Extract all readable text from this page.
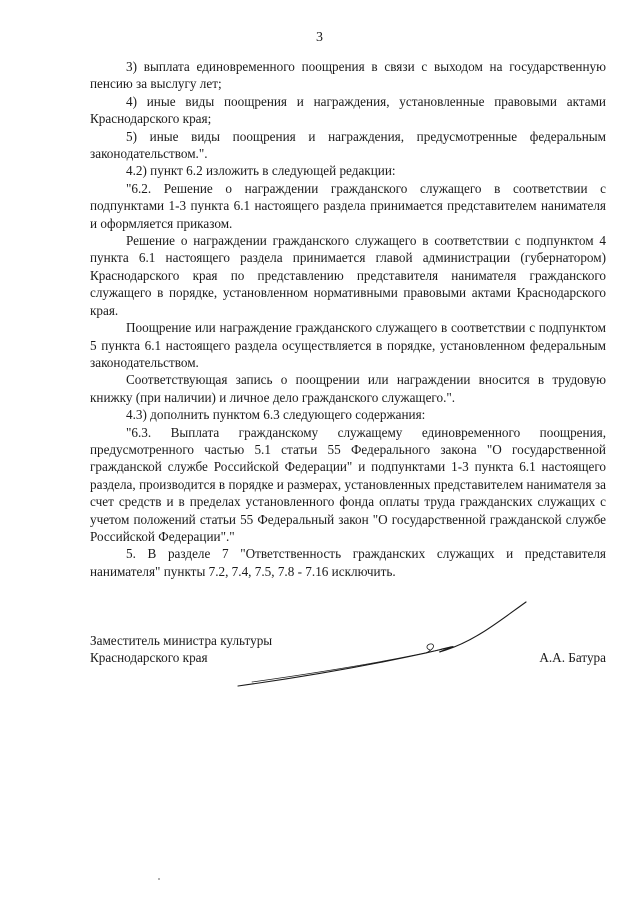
3

3) выплата единовременного поощрения в связи с выходом на государственную пенсию за выслугу лет;

4) иные виды поощрения и награждения, установленные правовыми актами Краснодарского края;

5) иные виды поощрения и награждения, предусмотренные федеральным законодательством.".

4.2) пункт 6.2 изложить в следующей редакции:

"6.2. Решение о награждении гражданского служащего в соответствии с подпунктами 1-3 пункта 6.1 настоящего раздела принимается представителем нанимателя и оформляется приказом.

Решение о награждении гражданского служащего в соответствии с подпунктом 4 пункта 6.1 настоящего раздела принимается главой администрации (губернатором) Краснодарского края по представлению представителя нанимателя гражданского служащего в порядке, установленном нормативными правовыми актами Краснодарского края.

Поощрение или награждение гражданского служащего в соответствии с подпунктом 5 пункта 6.1 настоящего раздела осуществляется в порядке, установленном федеральным законодательством.

Соответствующая запись о поощрении или награждении вносится в трудовую книжку (при наличии) и личное дело гражданского служащего.".

4.3) дополнить пунктом 6.3 следующего содержания:

"6.3. Выплата гражданскому служащему единовременного поощрения, предусмотренного частью 5.1 статьи 55 Федерального закона "О государственной гражданской службе Российской Федерации" и подпунктами 1-3 пункта 6.1 настоящего раздела, производится в порядке и размерах, установленных представителем нанимателя за счет средств и в пределах установленного фонда оплаты труда гражданских служащих с учетом положений статьи 55 Федеральный закон "О государственной гражданской службе Российской Федерации"."

5. В разделе 7 "Ответственность гражданских служащих и представителя нанимателя" пункты 7.2, 7.4, 7.5, 7.8 - 7.16 исключить.

Заместитель министра культуры
Краснодарского края	А.А. Батура
